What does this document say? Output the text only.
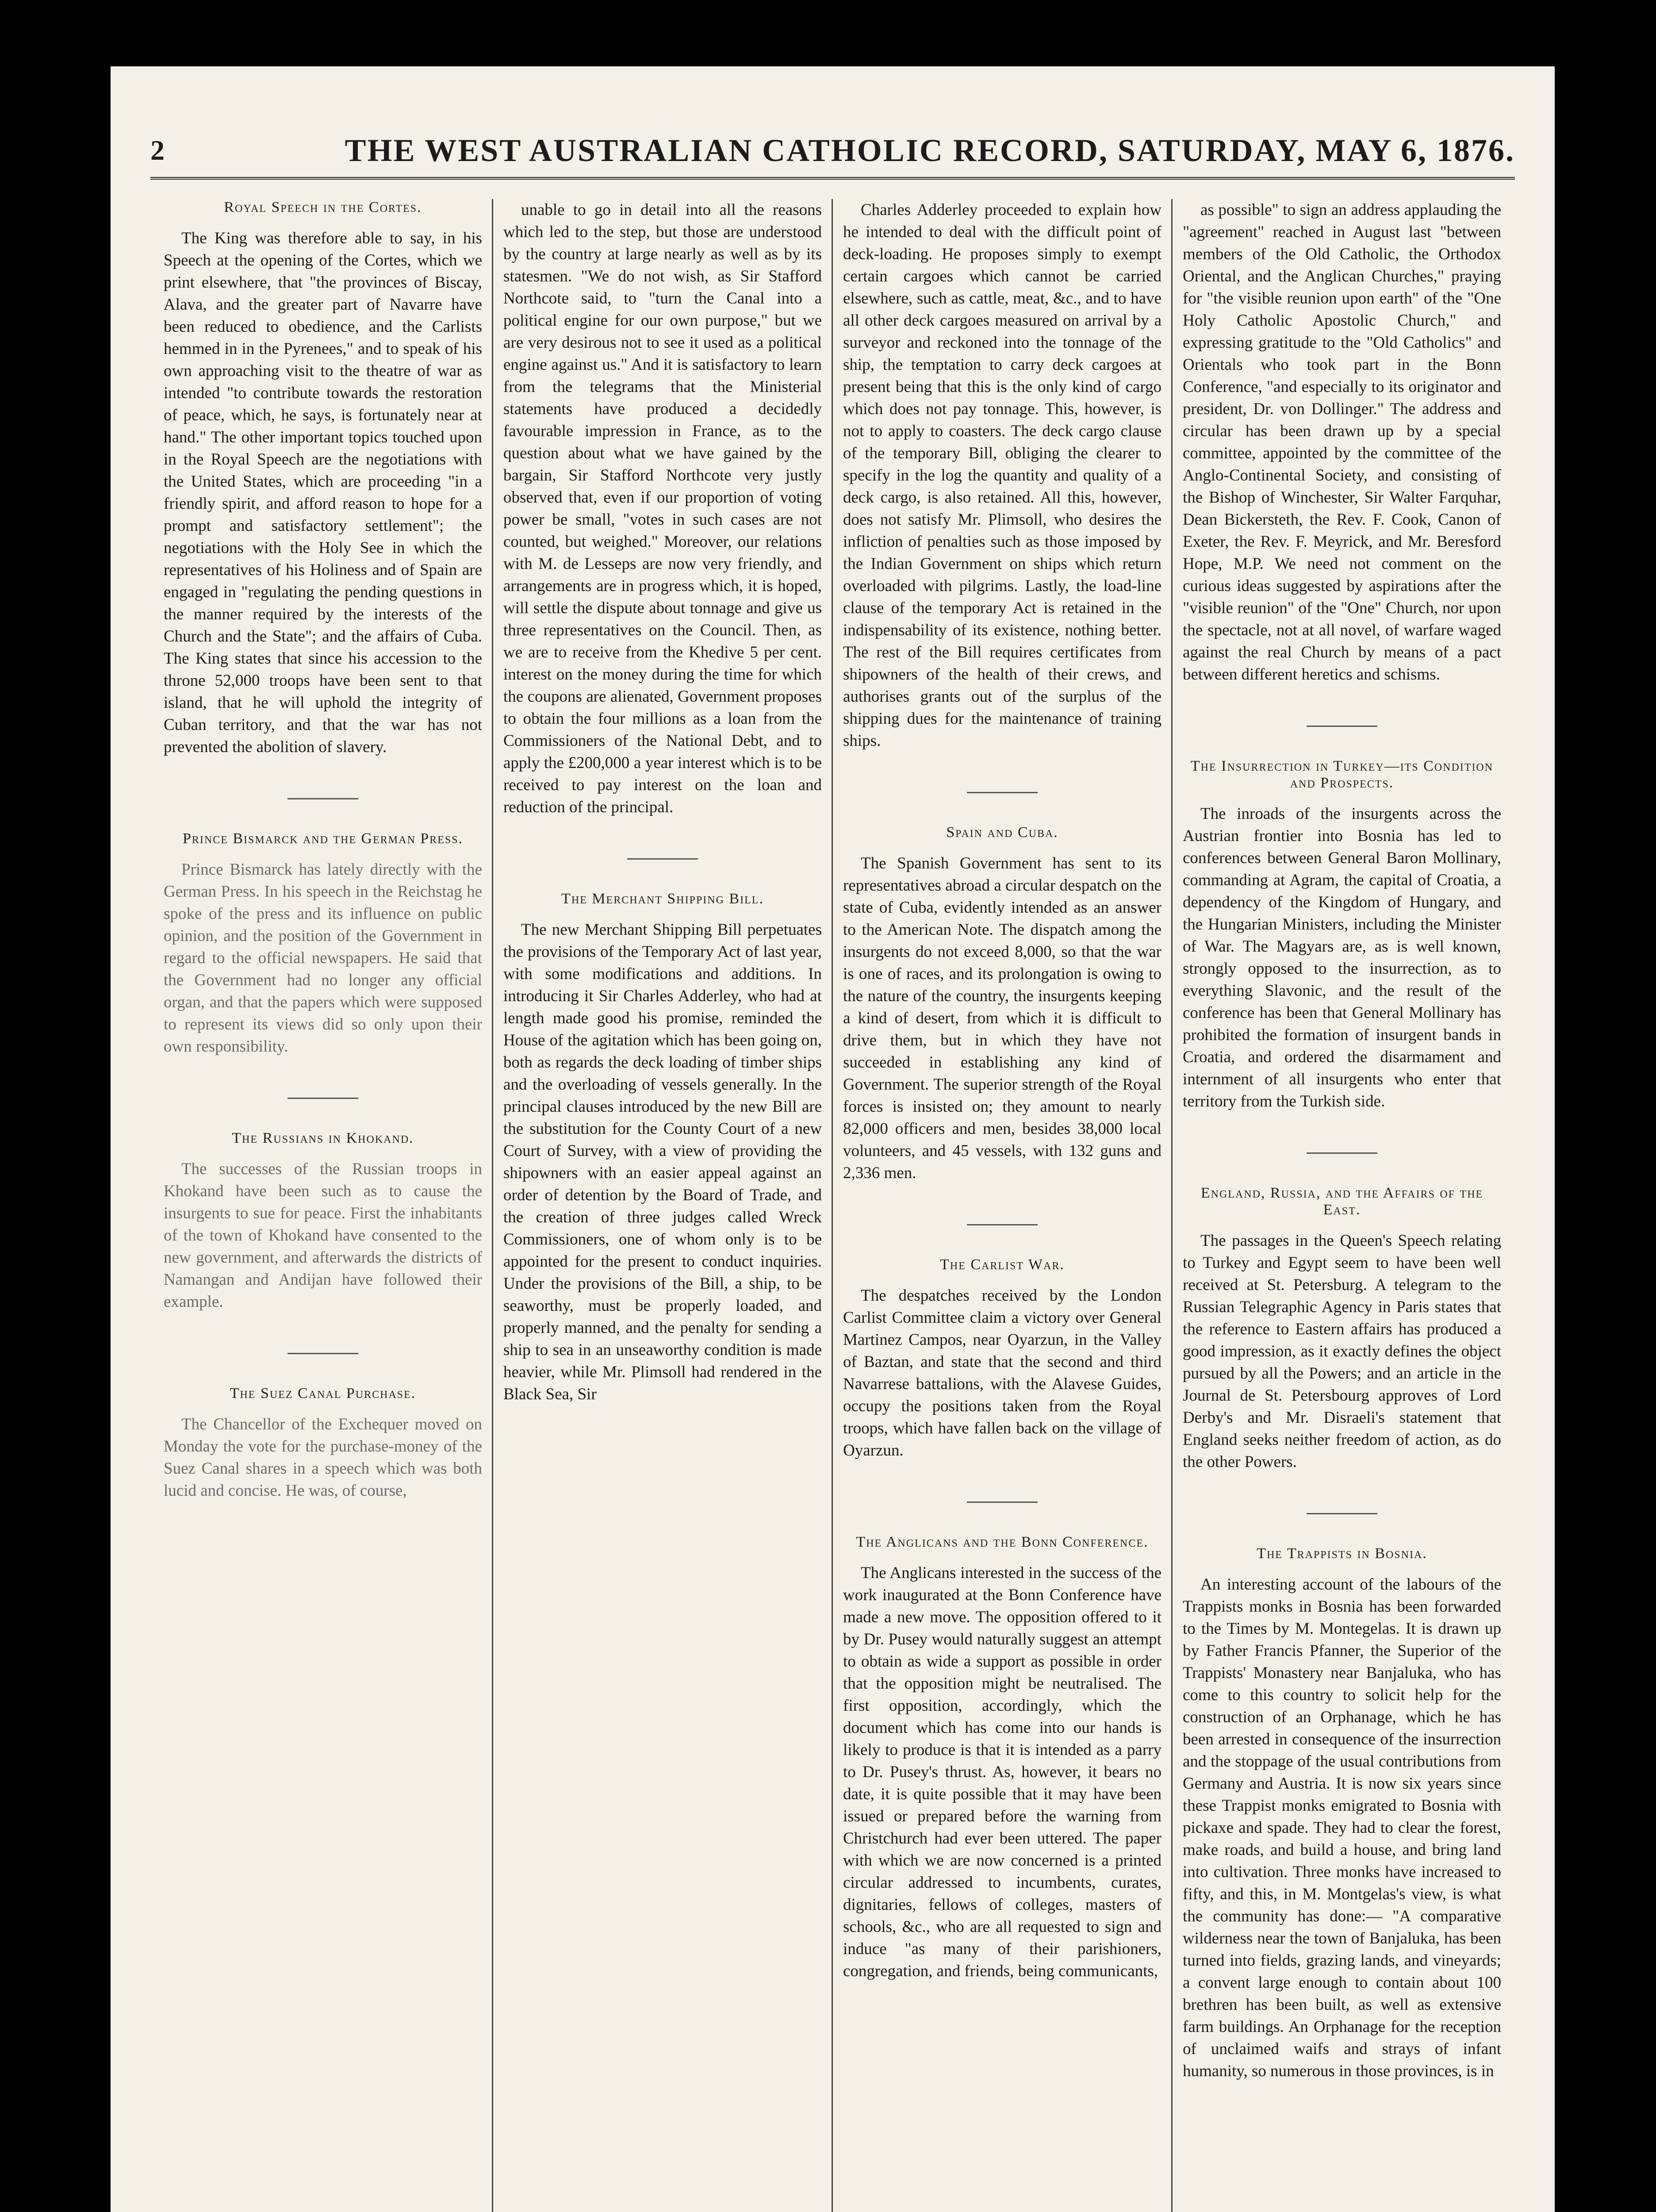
2	THE WEST AUSTRALIAN CATHOLIC RECORD, SATURDAY, MAY 6, 1876.

Royal Speech in the Cortes.

The King was therefore able to say, in his Speech at the opening of the Cortes, which we print elsewhere, that "the provinces of Biscay, Alava, and the greater part of Navarre have been reduced to obedience, and the Carlists hemmed in in the Pyrenees," and to speak of his own approaching visit to the theatre of war as intended "to contribute towards the restoration of peace, which, he says, is fortunately near at hand." The other important topics touched upon in the Royal Speech are the negotiations with the United States, which are proceeding "in a friendly spirit, and afford reason to hope for a prompt and satisfactory settlement"; the negotiations with the Holy See in which the representatives of his Holiness and of Spain are engaged in "regulating the pending questions in the manner required by the interests of the Church and the State"; and the affairs of Cuba. The King states that since his accession to the throne 52,000 troops have been sent to that island, that he will uphold the integrity of Cuban territory, and that the war has not prevented the abolition of slavery.

Prince Bismarck and the German Press.

Prince Bismarck has lately directly with the German Press. In his speech in the Reichstag he spoke of the press and its influence on public opinion, and the position of the Government in regard to the official newspapers. He said that the Government had no longer any official organ, and that the papers which were supposed to represent its views did so only upon their own responsibility.

The Russians in Khokand.

The successes of the Russian troops in Khokand have been such as to cause the insurgents to sue for peace. First the inhabitants of the town of Khokand have consented to the new government, and afterwards the districts of Namangan and Andijan have followed their example.

The Suez Canal Purchase.

The Chancellor of the Exchequer moved on Monday the vote for the purchase-money of the Suez Canal shares in a speech which was both lucid and concise. He was, of course,

unable to go in detail into all the reasons which led to the step, but those are understood by the country at large nearly as well as by its statesmen. "We do not wish, as Sir Stafford Northcote said, to "turn the Canal into a political engine for our own purpose," but we are very desirous not to see it used as a political engine against us." And it is satisfactory to learn from the telegrams that the Ministerial statements have produced a decidedly favourable impression in France, as to the question about what we have gained by the bargain, Sir Stafford Northcote very justly observed that, even if our proportion of voting power be small, "votes in such cases are not counted, but weighed." Moreover, our relations with M. de Lesseps are now very friendly, and arrangements are in progress which, it is hoped, will settle the dispute about tonnage and give us three representatives on the Council. Then, as we are to receive from the Khedive 5 per cent. interest on the money during the time for which the coupons are alienated, Government proposes to obtain the four millions as a loan from the Commissioners of the National Debt, and to apply the £200,000 a year interest which is to be received to pay interest on the loan and reduction of the principal.

The Merchant Shipping Bill.

The new Merchant Shipping Bill perpetuates the provisions of the Temporary Act of last year, with some modifications and additions. In introducing it Sir Charles Adderley, who had at length made good his promise, reminded the House of the agitation which has been going on, both as regards the deck loading of timber ships and the overloading of vessels generally. In the principal clauses introduced by the new Bill are the substitution for the County Court of a new Court of Survey, with a view of providing the shipowners with an easier appeal against an order of detention by the Board of Trade, and the creation of three judges called Wreck Commissioners, one of whom only is to be appointed for the present to conduct inquiries. Under the provisions of the Bill, a ship, to be seaworthy, must be properly loaded, and properly manned, and the penalty for sending a ship to sea in an unseaworthy condition is made heavier, while Mr. Plimsoll had rendered in the Black Sea, Sir

Charles Adderley proceeded to explain how he intended to deal with the difficult point of deck-loading. He proposes simply to exempt certain cargoes which cannot be carried elsewhere, such as cattle, meat, &c., and to have all other deck cargoes measured on arrival by a surveyor and reckoned into the tonnage of the ship, the temptation to carry deck cargoes at present being that this is the only kind of cargo which does not pay tonnage. This, however, is not to apply to coasters. The deck cargo clause of the temporary Bill, obliging the clearer to specify in the log the quantity and quality of a deck cargo, is also retained. All this, however, does not satisfy Mr. Plimsoll, who desires the infliction of penalties such as those imposed by the Indian Government on ships which return overloaded with pilgrims. Lastly, the load-line clause of the temporary Act is retained in the indispensability of its existence, nothing better. The rest of the Bill requires certificates from shipowners of the health of their crews, and authorises grants out of the surplus of the shipping dues for the maintenance of training ships.

Spain and Cuba.

The Spanish Government has sent to its representatives abroad a circular despatch on the state of Cuba, evidently intended as an answer to the American Note. The dispatch among the insurgents do not exceed 8,000, so that the war is one of races, and its prolongation is owing to the nature of the country, the insurgents keeping a kind of desert, from which it is difficult to drive them, but in which they have not succeeded in establishing any kind of Government. The superior strength of the Royal forces is insisted on; they amount to nearly 82,000 officers and men, besides 38,000 local volunteers, and 45 vessels, with 132 guns and 2,336 men.

The Carlist War.

The despatches received by the London Carlist Committee claim a victory over General Martinez Campos, near Oyarzun, in the Valley of Baztan, and state that the second and third Navarrese battalions, with the Alavese Guides, occupy the positions taken from the Royal troops, which have fallen back on the village of Oyarzun.

The Anglicans and the Bonn Conference.

The Anglicans interested in the success of the work inaugurated at the Bonn Conference have made a new move. The opposition offered to it by Dr. Pusey would naturally suggest an attempt to obtain as wide a support as possible in order that the opposition might be neutralised. The first opposition, accordingly, which the document which has come into our hands is likely to produce is that it is intended as a parry to Dr. Pusey's thrust. As, however, it bears no date, it is quite possible that it may have been issued or prepared before the warning from Christchurch had ever been uttered. The paper with which we are now concerned is a printed circular addressed to incumbents, curates, dignitaries, fellows of colleges, masters of schools, &c., who are all requested to sign and induce "as many of their parishioners, congregation, and friends, being communicants,

as possible" to sign an address applauding the "agreement" reached in August last "between members of the Old Catholic, the Orthodox Oriental, and the Anglican Churches," praying for "the visible reunion upon earth" of the "One Holy Catholic Apostolic Church," and expressing gratitude to the "Old Catholics" and Orientals who took part in the Bonn Conference, "and especially to its originator and president, Dr. von Dollinger." The address and circular has been drawn up by a special committee, appointed by the committee of the Anglo-Continental Society, and consisting of the Bishop of Winchester, Sir Walter Farquhar, Dean Bickersteth, the Rev. F. Cook, Canon of Exeter, the Rev. F. Meyrick, and Mr. Beresford Hope, M.P. We need not comment on the curious ideas suggested by aspirations after the "visible reunion" of the "One" Church, nor upon the spectacle, not at all novel, of warfare waged against the real Church by means of a pact between different heretics and schisms.

The Insurrection in Turkey—its Condition and Prospects.

The inroads of the insurgents across the Austrian frontier into Bosnia has led to conferences between General Baron Mollinary, commanding at Agram, the capital of Croatia, a dependency of the Kingdom of Hungary, and the Hungarian Ministers, including the Minister of War. The Magyars are, as is well known, strongly opposed to the insurrection, as to everything Slavonic, and the result of the conference has been that General Mollinary has prohibited the formation of insurgent bands in Croatia, and ordered the disarmament and internment of all insurgents who enter that territory from the Turkish side.

England, Russia, and the Affairs of the East.

The passages in the Queen's Speech relating to Turkey and Egypt seem to have been well received at St. Petersburg. A telegram to the Russian Telegraphic Agency in Paris states that the reference to Eastern affairs has produced a good impression, as it exactly defines the object pursued by all the Powers; and an article in the Journal de St. Petersbourg approves of Lord Derby's and Mr. Disraeli's statement that England seeks neither freedom of action, as do the other Powers.

The Trappists in Bosnia.

An interesting account of the labours of the Trappists monks in Bosnia has been forwarded to the Times by M. Montegelas. It is drawn up by Father Francis Pfanner, the Superior of the Trappists' Monastery near Banjaluka, who has come to this country to solicit help for the construction of an Orphanage, which he has been arrested in consequence of the insurrection and the stoppage of the usual contributions from Germany and Austria. It is now six years since these Trappist monks emigrated to Bosnia with pickaxe and spade. They had to clear the forest, make roads, and build a house, and bring land into cultivation. Three monks have increased to fifty, and this, in M. Montgelas's view, is what the community has done:— "A comparative wilderness near the town of Banjaluka, has been turned into fields, grazing lands, and vineyards; a convent large enough to contain about 100 brethren has been built, as well as extensive farm buildings. An Orphanage for the reception of unclaimed waifs and strays of infant humanity, so numerous in those provinces, is in
